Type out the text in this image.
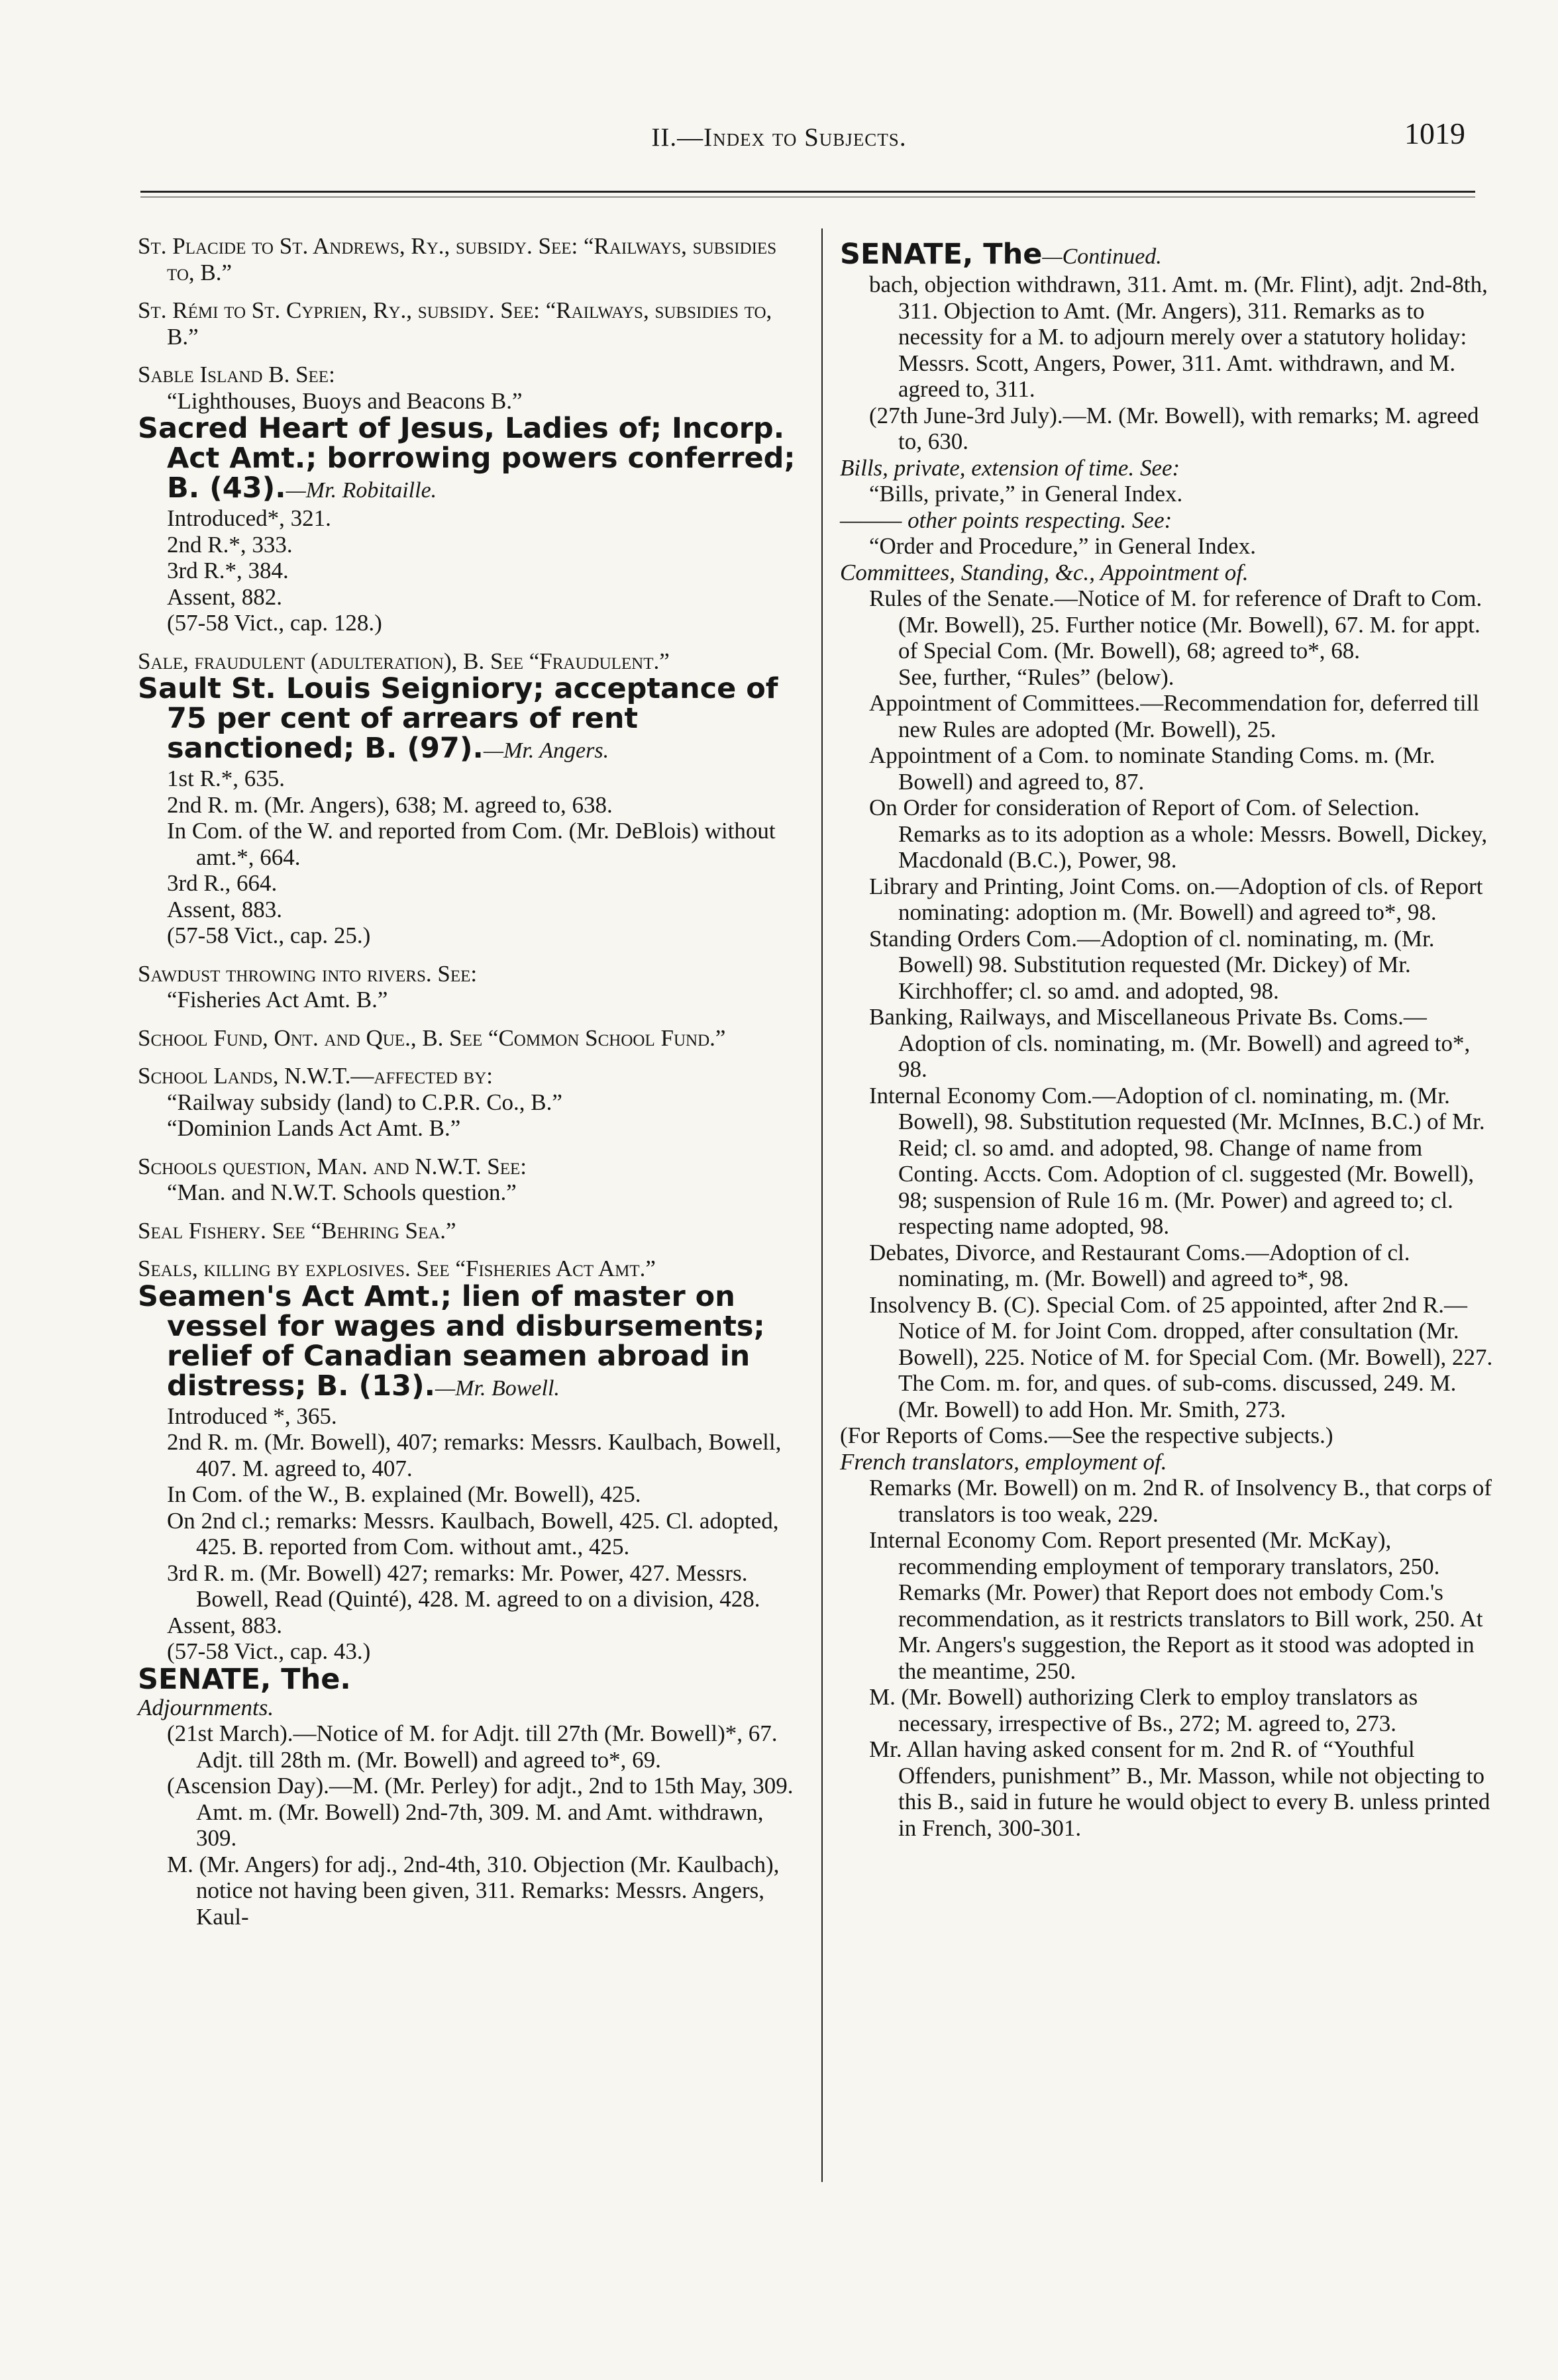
II.—Index to Subjects.	1019

St. Placide to St. Andrews, Ry., subsidy. See: “Railways, subsidies to, B.”

St. Rémi to St. Cyprien, Ry., subsidy. See: “Railways, subsidies to, B.”

Sable Island B. See:

“Lighthouses, Buoys and Beacons B.”

Sacred Heart of Jesus, Ladies of; Incorp. Act Amt.; borrowing powers conferred; B. (43).—Mr. Robitaille.

Introduced*, 321.

2nd R.*, 333.

3rd R.*, 384.

Assent, 882.

(57-58 Vict., cap. 128.)

Sale, fraudulent (adulteration), B. See “Fraudulent.”

Sault St. Louis Seigniory; acceptance of 75 per cent of arrears of rent sanctioned; B. (97).—Mr. Angers.

1st R.*, 635.

2nd R. m. (Mr. Angers), 638; M. agreed to, 638.

In Com. of the W. and reported from Com. (Mr. DeBlois) without amt.*, 664.

3rd R., 664.

Assent, 883.

(57-58 Vict., cap. 25.)

Sawdust throwing into rivers. See:

“Fisheries Act Amt. B.”

School Fund, Ont. and Que., B. See “Common School Fund.”

School Lands, N.W.T.—affected by:

“Railway subsidy (land) to C.P.R. Co., B.”

“Dominion Lands Act Amt. B.”

Schools question, Man. and N.W.T. See:

“Man. and N.W.T. Schools question.”

Seal Fishery. See “Behring Sea.”

Seals, killing by explosives. See “Fisheries Act Amt.”

Seamen's Act Amt.; lien of master on vessel for wages and disbursements; relief of Canadian seamen abroad in distress; B. (13).—Mr. Bowell.

Introduced *, 365.

2nd R. m. (Mr. Bowell), 407; remarks: Messrs. Kaulbach, Bowell, 407. M. agreed to, 407.

In Com. of the W., B. explained (Mr. Bowell), 425.

On 2nd cl.; remarks: Messrs. Kaulbach, Bowell, 425. Cl. adopted, 425. B. reported from Com. without amt., 425.

3rd R. m. (Mr. Bowell) 427; remarks: Mr. Power, 427. Messrs. Bowell, Read (Quinté), 428. M. agreed to on a division, 428.

Assent, 883.

(57-58 Vict., cap. 43.)

SENATE, The.

Adjournments.

(21st March).—Notice of M. for Adjt. till 27th (Mr. Bowell)*, 67. Adjt. till 28th m. (Mr. Bowell) and agreed to*, 69.

(Ascension Day).—M. (Mr. Perley) for adjt., 2nd to 15th May, 309. Amt. m. (Mr. Bowell) 2nd-7th, 309. M. and Amt. withdrawn, 309.

M. (Mr. Angers) for adj., 2nd-4th, 310. Objection (Mr. Kaulbach), notice not having been given, 311. Remarks: Messrs. Angers, Kaul-

SENATE, The—Continued.

bach, objection withdrawn, 311. Amt. m. (Mr. Flint), adjt. 2nd-8th, 311. Objection to Amt. (Mr. Angers), 311. Remarks as to necessity for a M. to adjourn merely over a statutory holiday: Messrs. Scott, Angers, Power, 311. Amt. withdrawn, and M. agreed to, 311.

(27th June-3rd July).—M. (Mr. Bowell), with remarks; M. agreed to, 630.

Bills, private, extension of time. See:

“Bills, private,” in General Index.

——— other points respecting. See:

“Order and Procedure,” in General Index.

Committees, Standing, &c., Appointment of.

Rules of the Senate.—Notice of M. for reference of Draft to Com. (Mr. Bowell), 25. Further notice (Mr. Bowell), 67. M. for appt. of Special Com. (Mr. Bowell), 68; agreed to*, 68.

See, further, “Rules” (below).

Appointment of Committees.—Recommendation for, deferred till new Rules are adopted (Mr. Bowell), 25.

Appointment of a Com. to nominate Standing Coms. m. (Mr. Bowell) and agreed to, 87.

On Order for consideration of Report of Com. of Selection. Remarks as to its adoption as a whole: Messrs. Bowell, Dickey, Macdonald (B.C.), Power, 98.

Library and Printing, Joint Coms. on.—Adoption of cls. of Report nominating: adoption m. (Mr. Bowell) and agreed to*, 98.

Standing Orders Com.—Adoption of cl. nominating, m. (Mr. Bowell) 98. Substitution requested (Mr. Dickey) of Mr. Kirchhoffer; cl. so amd. and adopted, 98.

Banking, Railways, and Miscellaneous Private Bs. Coms.—Adoption of cls. nominating, m. (Mr. Bowell) and agreed to*, 98.

Internal Economy Com.—Adoption of cl. nominating, m. (Mr. Bowell), 98. Substitution requested (Mr. McInnes, B.C.) of Mr. Reid; cl. so amd. and adopted, 98. Change of name from Conting. Accts. Com. Adoption of cl. suggested (Mr. Bowell), 98; suspension of Rule 16 m. (Mr. Power) and agreed to; cl. respecting name adopted, 98.

Debates, Divorce, and Restaurant Coms.—Adoption of cl. nominating, m. (Mr. Bowell) and agreed to*, 98.

Insolvency B. (C). Special Com. of 25 appointed, after 2nd R.—Notice of M. for Joint Com. dropped, after consultation (Mr. Bowell), 225. Notice of M. for Special Com. (Mr. Bowell), 227. The Com. m. for, and ques. of sub-coms. discussed, 249. M. (Mr. Bowell) to add Hon. Mr. Smith, 273.

(For Reports of Coms.—See the respective subjects.)

French translators, employment of.

Remarks (Mr. Bowell) on m. 2nd R. of Insolvency B., that corps of translators is too weak, 229.

Internal Economy Com. Report presented (Mr. McKay), recommending employment of temporary translators, 250. Remarks (Mr. Power) that Report does not embody Com.'s recommendation, as it restricts translators to Bill work, 250. At Mr. Angers's suggestion, the Report as it stood was adopted in the meantime, 250.

M. (Mr. Bowell) authorizing Clerk to employ translators as necessary, irrespective of Bs., 272; M. agreed to, 273.

Mr. Allan having asked consent for m. 2nd R. of “Youthful Offenders, punishment” B., Mr. Masson, while not objecting to this B., said in future he would object to every B. unless printed in French, 300-301.
